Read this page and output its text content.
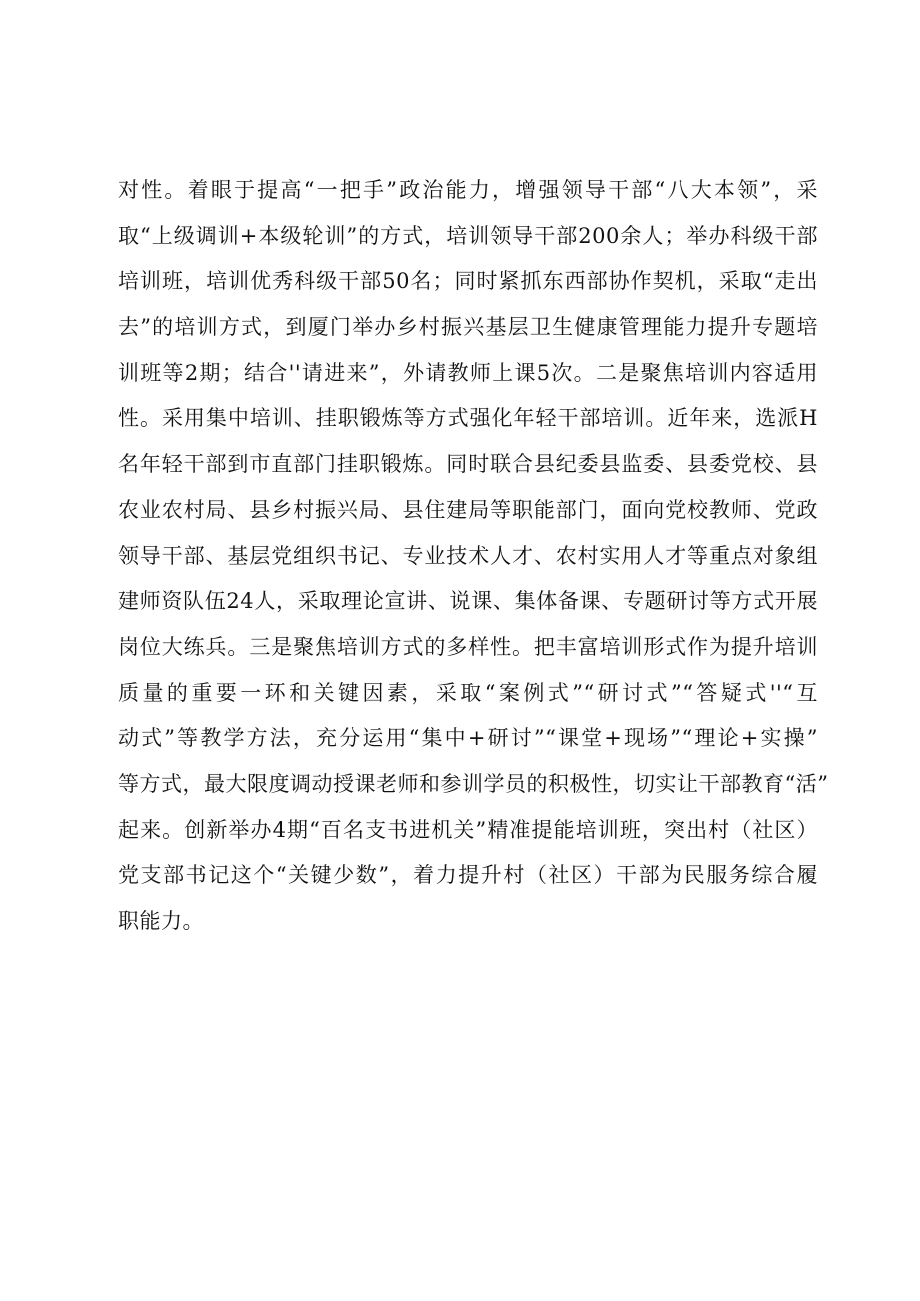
对性。着眼于提高“一把手”政治能力，增强领导干部“八大本领”，采
取“上级调训+本级轮训”的方式，培训领导干部200余人；举办科级干部
培训班，培训优秀科级干部50名；同时紧抓东西部协作契机，采取“走出
去”的培训方式，到厦门举办乡村振兴基层卫生健康管理能力提升专题培
训班等2期；结合''请进来”，外请教师上课5次。二是聚焦培训内容适用
性。采用集中培训、挂职锻炼等方式强化年轻干部培训。近年来，选派H
名年轻干部到市直部门挂职锻炼。同时联合县纪委县监委、县委党校、县
农业农村局、县乡村振兴局、县住建局等职能部门，面向党校教师、党政
领导干部、基层党组织书记、专业技术人才、农村实用人才等重点对象组
建师资队伍24人，采取理论宣讲、说课、集体备课、专题研讨等方式开展
岗位大练兵。三是聚焦培训方式的多样性。把丰富培训形式作为提升培训
质量的重要一环和关键因素，采取“案例式”“研讨式”“答疑式''“互
动式”等教学方法，充分运用“集中+研讨”“课堂+现场”“理论+实操”
等方式，最大限度调动授课老师和参训学员的积极性，切实让干部教育“活”
起来。创新举办4期“百名支书进机关”精准提能培训班，突出村（社区）
党支部书记这个“关键少数”，着力提升村（社区）干部为民服务综合履
职能力。
